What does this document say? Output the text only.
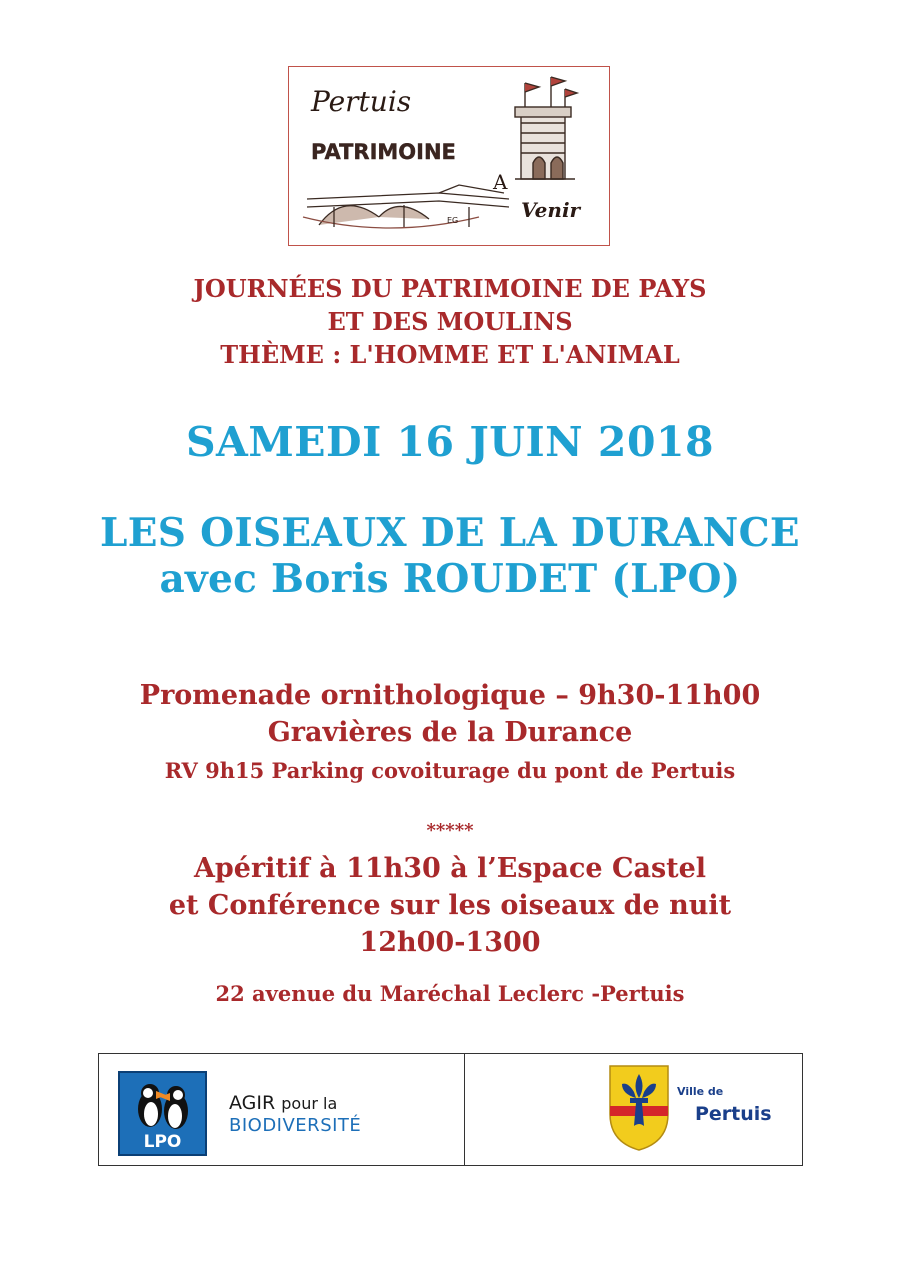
Pertuis
PATRIMOINE
A
Venir
EG
JOURNÉES DU PATRIMOINE DE PAYS
ET DES MOULINS
THÈME : L'HOMME ET L'ANIMAL
SAMEDI 16 JUIN 2018
LES OISEAUX DE LA DURANCE
avec Boris ROUDET (LPO)
Promenade ornithologique – 9h30-11h00
Gravières de la Durance
RV 9h15 Parking covoiturage du pont de Pertuis
*****
Apéritif à 11h30 à l’Espace Castel
et Conférence sur les oiseaux de nuit
12h00-1300
22 avenue du Maréchal Leclerc -Pertuis
LPO
AGIR pour la
BIODIVERSITÉ
Ville de
Pertuis
